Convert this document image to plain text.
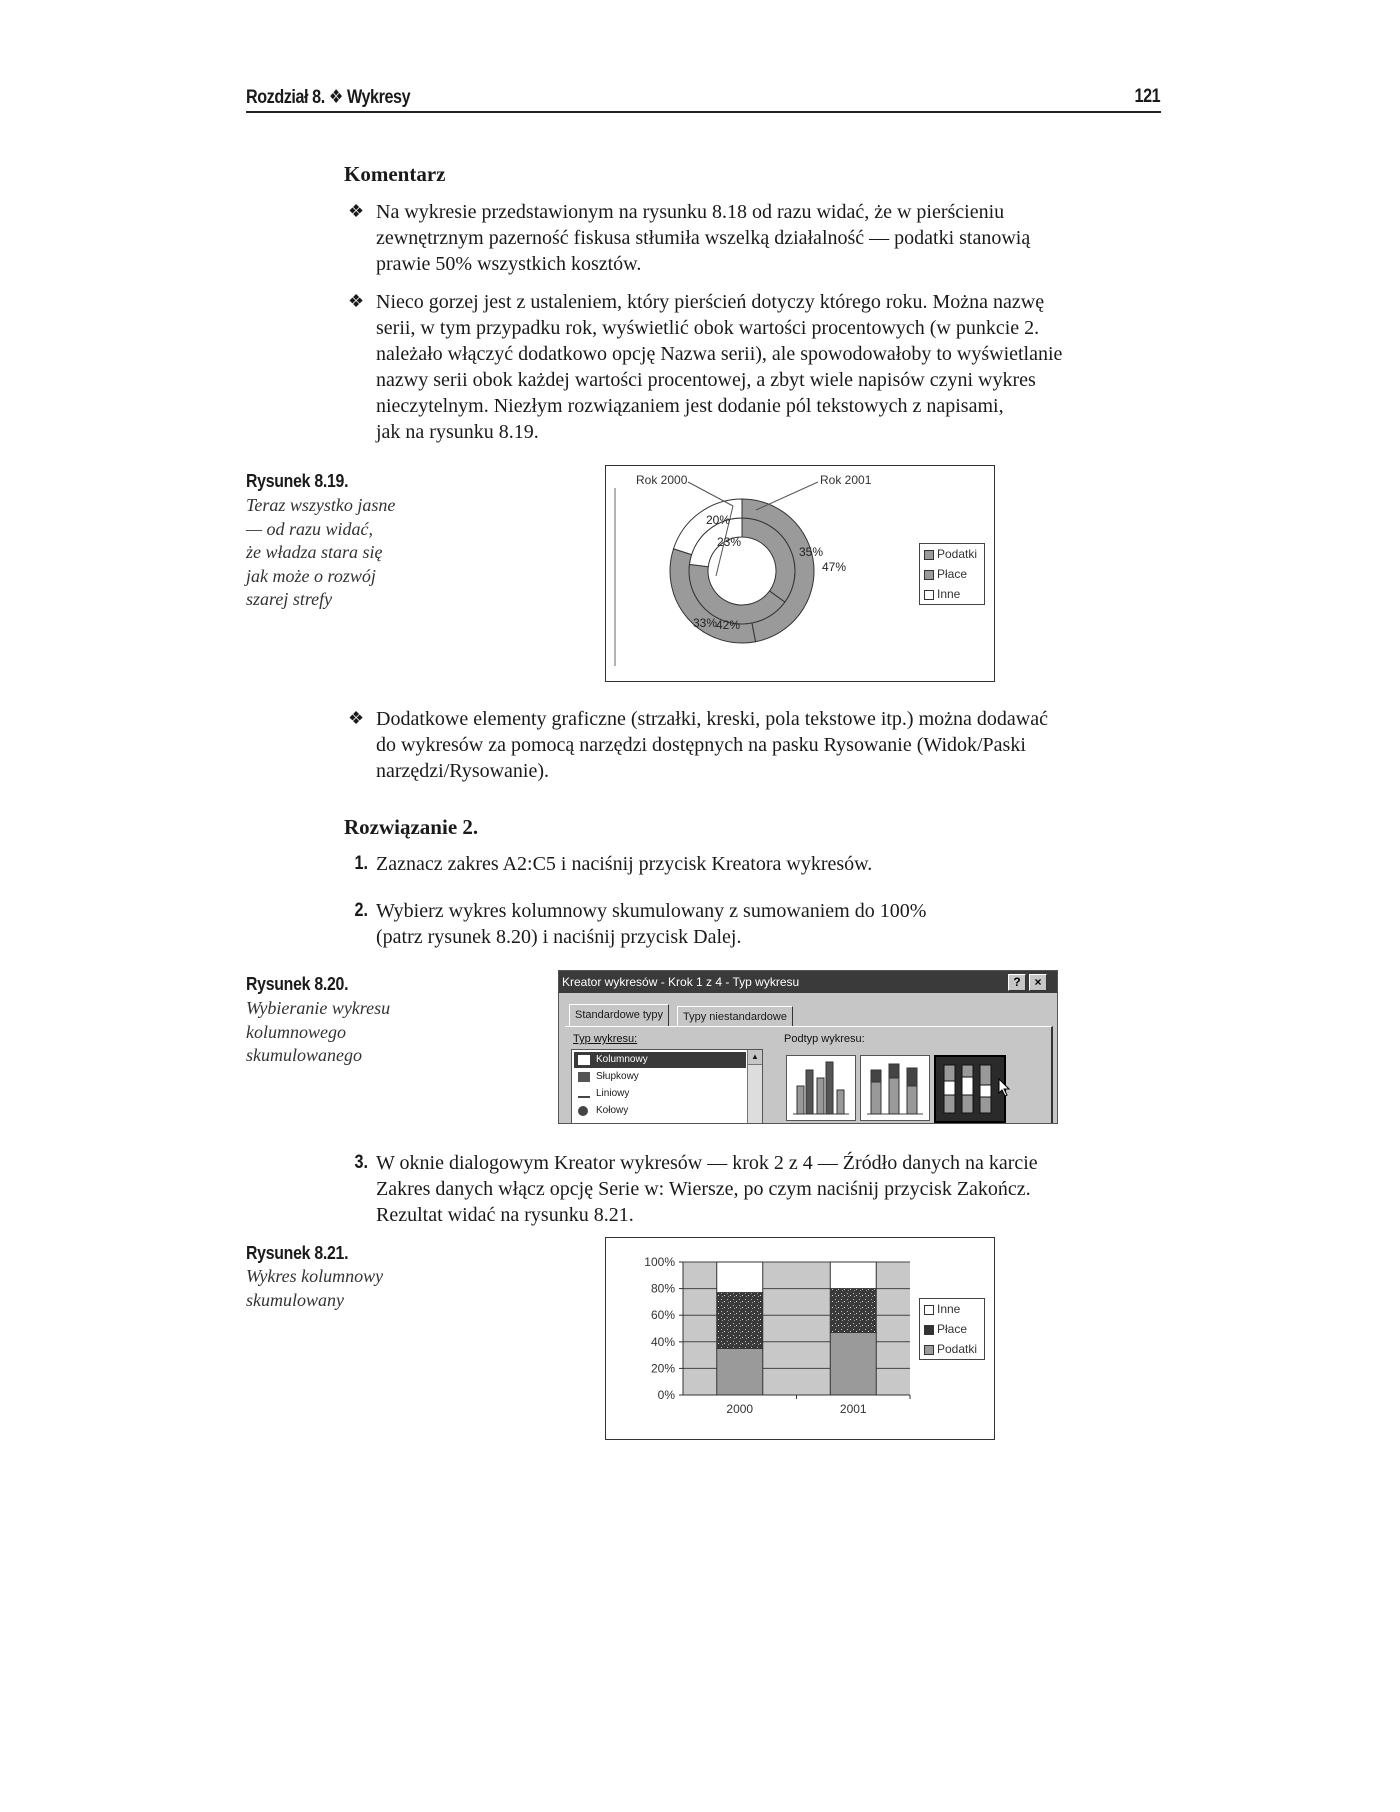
Rozdział 8. ❖ Wykresy	121
Komentarz
❖ Na wykresie przedstawionym na rysunku 8.18 od razu widać, że w pierścieniu
zewnętrznym pazerność fiskusa stłumiła wszelką działalność — podatki stanowią
prawie 50% wszystkich kosztów.
❖ Nieco gorzej jest z ustaleniem, który pierścień dotyczy którego roku. Można nazwę
serii, w tym przypadku rok, wyświetlić obok wartości procentowych (w punkcie 2.
należało włączyć dodatkowo opcję Nazwa serii), ale spowodowałoby to wyświetlanie
nazwy serii obok każdej wartości procentowej, a zbyt wiele napisów czyni wykres
nieczytelnym. Niezłym rozwiązaniem jest dodanie pól tekstowych z napisami,
jak na rysunku 8.19.
Rysunek 8.19.
Teraz wszystko jasne
— od razu widać,
że władza stara się
jak może o rozwój
szarej strefy
Rok 2000	Rok 2001
20%
23%
35%
47%
33%
42%
Podatki
Płace
Inne
❖ Dodatkowe elementy graficzne (strzałki, kreski, pola tekstowe itp.) można dodawać
do wykresów za pomocą narzędzi dostępnych na pasku Rysowanie (Widok/Paski
narzędzi/Rysowanie).
Rozwiązanie 2.
1. Zaznacz zakres A2:C5 i naciśnij przycisk Kreatora wykresów.
2. Wybierz wykres kolumnowy skumulowany z sumowaniem do 100%
(patrz rysunek 8.20) i naciśnij przycisk Dalej.
Rysunek 8.20.
Wybieranie wykresu
kolumnowego
skumulowanego
Kreator wykresów - Krok 1 z 4 - Typ wykresu	?	×
Standardowe typy	Typy niestandardowe
Typ wykresu:	Podtyp wykresu:
Kolumnowy
Słupkowy
Liniowy
Kołowy
▲
3. W oknie dialogowym Kreator wykresów — krok 2 z 4 — Źródło danych na karcie
Zakres danych włącz opcję Serie w: Wiersze, po czym naciśnij przycisk Zakończ.
Rezultat widać na rysunku 8.21.
Rysunek 8.21.
Wykres kolumnowy
skumulowany
0%
20%
40%
60%
80%
100%
2000	2001
Inne
Płace
Podatki
